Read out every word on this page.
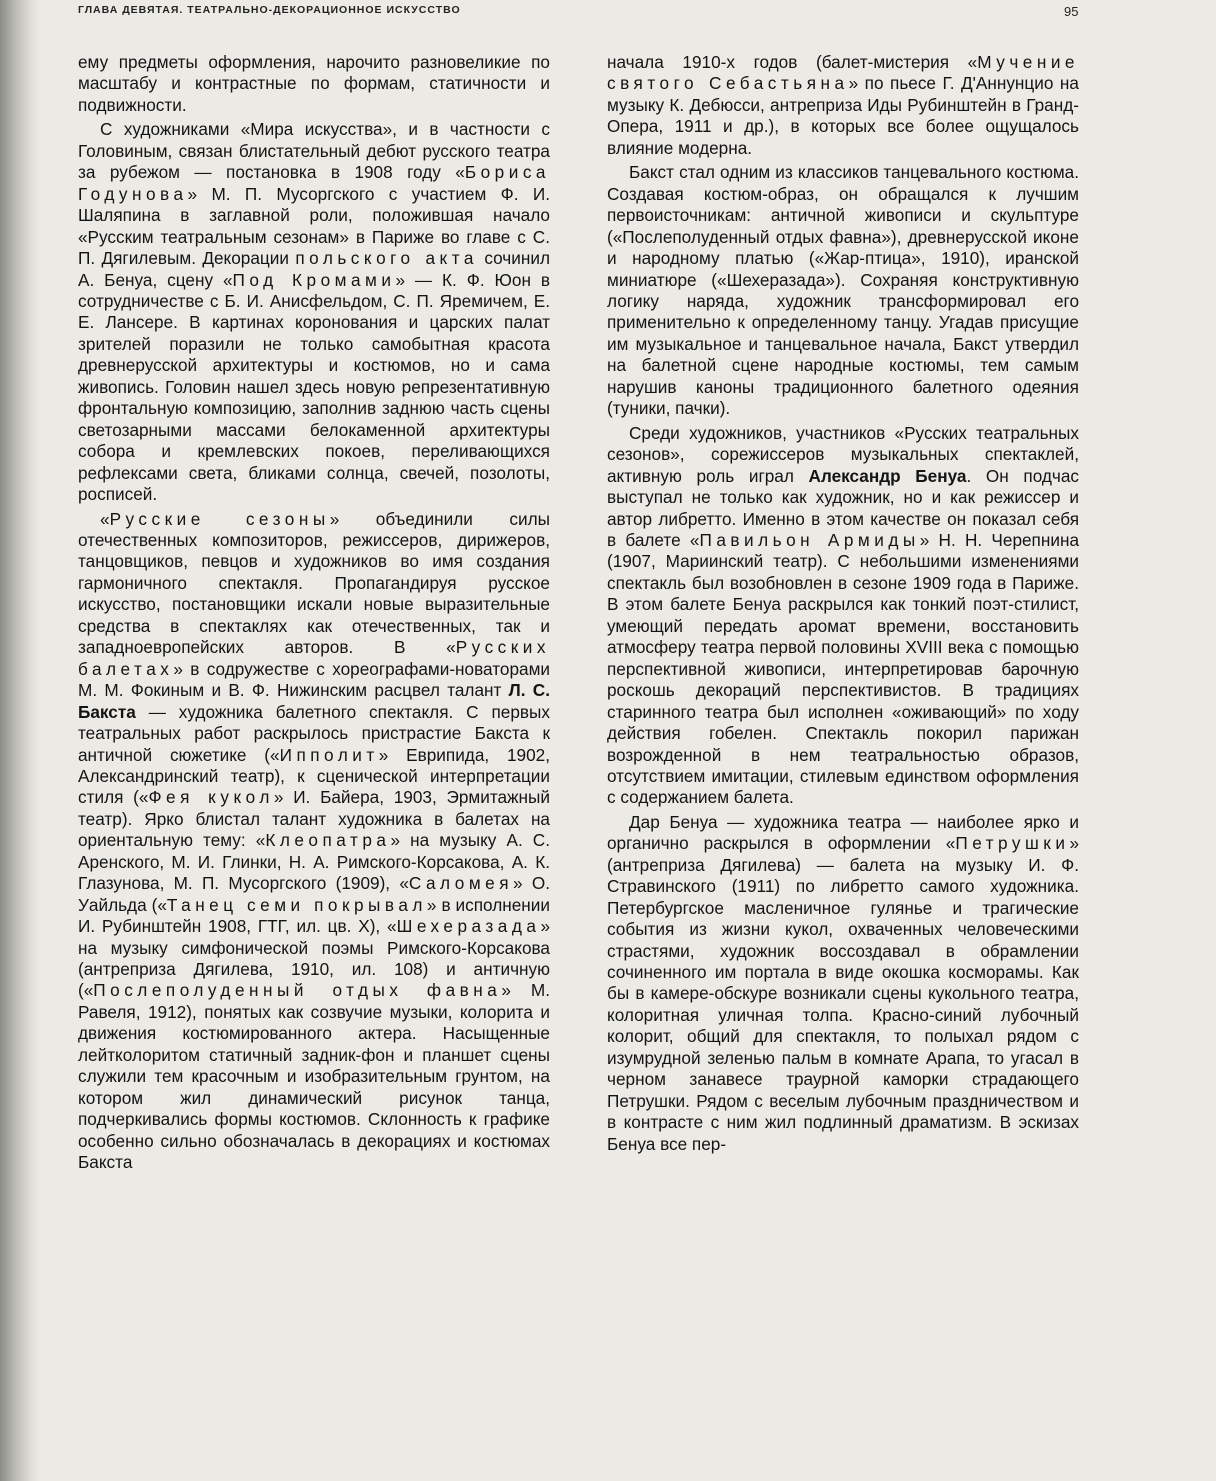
ГЛАВА ДЕВЯТАЯ. ТЕАТРАЛЬНО-ДЕКОРАЦИОННОЕ ИСКУССТВО	95

ему предметы оформления, нарочито разновеликие по масштабу и контрастные по формам, статичности и подвижности.

С художниками «Мира искусства», и в частности с Головиным, связан блистательный дебют русского театра за рубежом — постановка в 1908 году «Бориса Годунова» М. П. Мусоргского с участием Ф. И. Шаляпина в заглавной роли, положившая начало «Русским театральным сезонам» в Париже во главе с С. П. Дягилевым. Декорации польского акта сочинил А. Бенуа, сцену «Под Кромами» — К. Ф. Юон в сотрудничестве с Б. И. Анисфельдом, С. П. Яремичем, Е. Е. Лансере. В картинах коронования и царских палат зрителей поразили не только самобытная красота древнерусской архитектуры и костюмов, но и сама живопись. Головин нашел здесь новую репрезентативную фронтальную композицию, заполнив заднюю часть сцены светозарными массами белокаменной архитектуры собора и кремлевских покоев, переливающихся рефлексами света, бликами солнца, свечей, позолоты, росписей.

«Русские сезоны» объединили силы отечественных композиторов, режиссеров, дирижеров, танцовщиков, певцов и художников во имя создания гармоничного спектакля. Пропагандируя русское искусство, постановщики искали новые выразительные средства в спектаклях как отечественных, так и западноевропейских авторов. В «Русских балетах» в содружестве с хореографами-новаторами М. М. Фокиным и В. Ф. Нижинским расцвел талант Л. С. Бакста — художника балетного спектакля. С первых театральных работ раскрылось пристрастие Бакста к античной сюжетике («Ипполит» Еврипида, 1902, Александринский театр), к сценической интерпретации стиля («Фея кукол» И. Байера, 1903, Эрмитажный театр). Ярко блистал талант художника в балетах на ориентальную тему: «Клеопатра» на музыку А. С. Аренского, М. И. Глинки, Н. А. Римского-Корсакова, А. К. Глазунова, М. П. Мусоргского (1909), «Саломея» О. Уайльда («Танец семи покрывал» в исполнении И. Рубинштейн 1908, ГТГ, ил. цв. X), «Шехеразада» на музыку симфонической поэмы Римского-Корсакова (антреприза Дягилева, 1910, ил. 108) и античную («Послеполуденный отдых фавна» М. Равеля, 1912), понятых как созвучие музыки, колорита и движения костюмированного актера. Насыщенные лейтколоритом статичный задник-фон и планшет сцены служили тем красочным и изобразительным грунтом, на котором жил динамический рисунок танца, подчеркивались формы костюмов. Склонность к графике особенно сильно обозначалась в декорациях и костюмах Бакста

начала 1910-х годов (балет-мистерия «Мучение святого Себастьяна» по пьесе Г. Д'Аннунцио на музыку К. Дебюсси, антреприза Иды Рубинштейн в Гранд-Опера, 1911 и др.), в которых все более ощущалось влияние модерна.

Бакст стал одним из классиков танцевального костюма. Создавая костюм-образ, он обращался к лучшим первоисточникам: античной живописи и скульптуре («Послеполуденный отдых фавна»), древнерусской иконе и народному платью («Жар-птица», 1910), иранской миниатюре («Шехеразада»). Сохраняя конструктивную логику наряда, художник трансформировал его применительно к определенному танцу. Угадав присущие им музыкальное и танцевальное начала, Бакст утвердил на балетной сцене народные костюмы, тем самым нарушив каноны традиционного балетного одеяния (туники, пачки).

Среди художников, участников «Русских театральных сезонов», сорежиссеров музыкальных спектаклей, активную роль играл Александр Бенуа. Он подчас выступал не только как художник, но и как режиссер и автор либретто. Именно в этом качестве он показал себя в балете «Павильон Армиды» Н. Н. Черепнина (1907, Мариинский театр). С небольшими изменениями спектакль был возобновлен в сезоне 1909 года в Париже. В этом балете Бенуа раскрылся как тонкий поэт-стилист, умеющий передать аромат времени, восстановить атмосферу театра первой половины XVIII века с помощью перспективной живописи, интерпретировав барочную роскошь декораций перспективистов. В традициях старинного театра был исполнен «оживающий» по ходу действия гобелен. Спектакль покорил парижан возрожденной в нем театральностью образов, отсутствием имитации, стилевым единством оформления с содержанием балета.

Дар Бенуа — художника театра — наиболее ярко и органично раскрылся в оформлении «Петрушки» (антреприза Дягилева) — балета на музыку И. Ф. Стравинского (1911) по либретто самого художника. Петербургское масленичное гулянье и трагические события из жизни кукол, охваченных человеческими страстями, художник воссоздавал в обрамлении сочиненного им портала в виде окошка косморамы. Как бы в камере-обскуре возникали сцены кукольного театра, колоритная уличная толпа. Красно-синий лубочный колорит, общий для спектакля, то полыхал рядом с изумрудной зеленью пальм в комнате Арапа, то угасал в черном занавесе траурной каморки страдающего Петрушки. Рядом с веселым лубочным праздничеством и в контрасте с ним жил подлинный драматизм. В эскизах Бенуа все пер-
